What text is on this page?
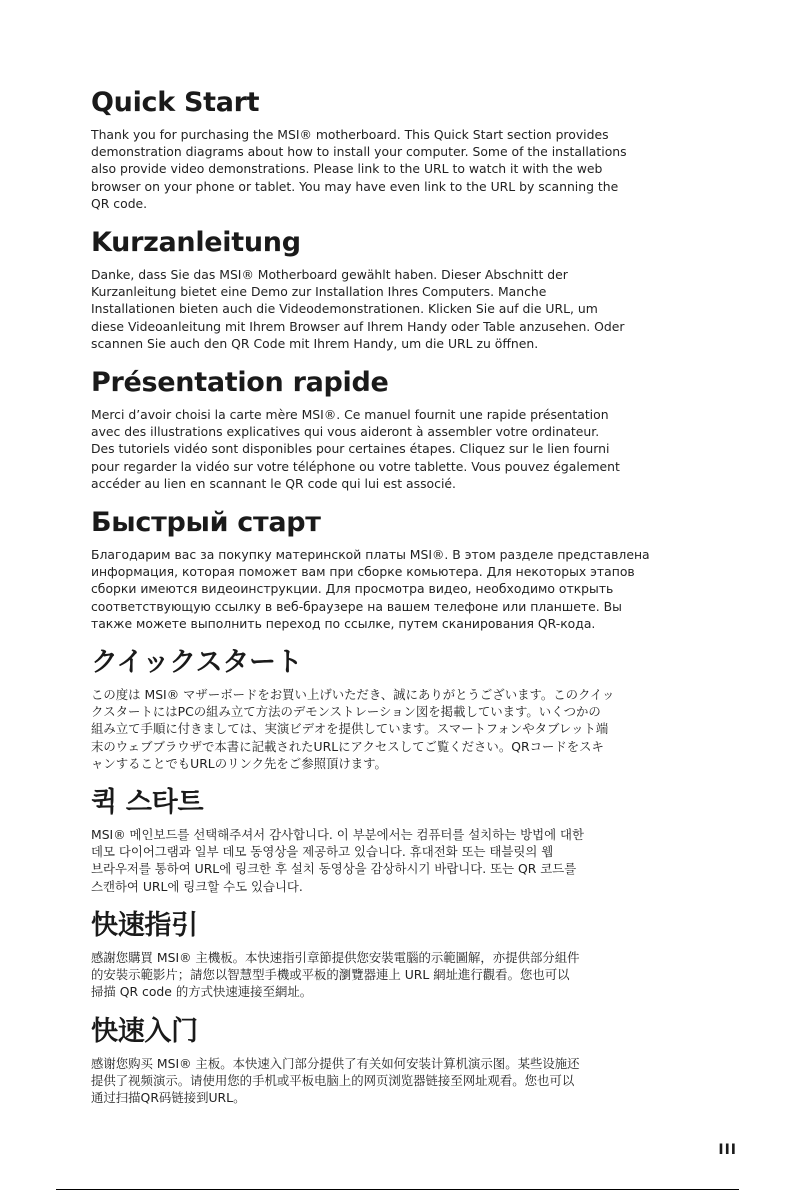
Quick Start

Thank you for purchasing the MSI® motherboard. This Quick Start section provides
demonstration diagrams about how to install your computer. Some of the installations
also provide video demonstrations. Please link to the URL to watch it with the web
browser on your phone or tablet. You may have even link to the URL by scanning the
QR code.

Kurzanleitung

Danke, dass Sie das MSI® Motherboard gewählt haben. Dieser Abschnitt der
Kurzanleitung bietet eine Demo zur Installation Ihres Computers. Manche
Installationen bieten auch die Videodemonstrationen. Klicken Sie auf die URL, um
diese Videoanleitung mit Ihrem Browser auf Ihrem Handy oder Table anzusehen. Oder
scannen Sie auch den QR Code mit Ihrem Handy, um die URL zu öffnen.

Présentation rapide

Merci d’avoir choisi la carte mère MSI®. Ce manuel fournit une rapide présentation
avec des illustrations explicatives qui vous aideront à assembler votre ordinateur.
Des tutoriels vidéo sont disponibles pour certaines étapes. Cliquez sur le lien fourni
pour regarder la vidéo sur votre téléphone ou votre tablette. Vous pouvez également
accéder au lien en scannant le QR code qui lui est associé.

Быстрый старт

Благодарим вас за покупку материнской платы MSI®. В этом разделе представлена
информация, которая поможет вам при сборке комьютера. Для некоторых этапов
сборки имеются видеоинструкции. Для просмотра видео, необходимо открыть
соответствующую ссылку в веб-браузере на вашем телефоне или планшете. Вы
также можете выполнить переход по ссылке, путем сканирования QR-кода.

クイックスタート

この度は MSI® マザーボードをお買い上げいただき、誠にありがとうございます。このクイッ
クスタートにはPCの組み立て方法のデモンストレーション図を掲載しています。いくつかの
組み立て手順に付きましては、実演ビデオを提供しています。スマートフォンやタブレット端
末のウェブブラウザで本書に記載されたURLにアクセスしてご覧ください。QRコードをスキ
ャンすることでもURLのリンク先をご参照頂けます。

퀵 스타트

MSI® 메인보드를 선택해주셔서 감사합니다. 이 부분에서는 컴퓨터를 설치하는 방법에 대한
데모 다이어그램과 일부 데모 동영상을 제공하고 있습니다. 휴대전화 또는 태블릿의 웹
브라우저를 통하여 URL에 링크한 후 설치 동영상을 감상하시기 바랍니다. 또는 QR 코드를
스캔하여 URL에 링크할 수도 있습니다.

快速指引

感謝您購買 MSI® 主機板。本快速指引章節提供您安裝電腦的示範圖解，亦提供部分組件
的安裝示範影片；請您以智慧型手機或平板的瀏覽器連上 URL 網址進行觀看。您也可以
掃描 QR code 的方式快速連接至網址。

快速入门

感谢您购买 MSI® 主板。本快速入门部分提供了有关如何安装计算机演示图。某些设施还
提供了视频演示。请使用您的手机或平板电脑上的网页浏览器链接至网址观看。您也可以
通过扫描QR码链接到URL。

III
